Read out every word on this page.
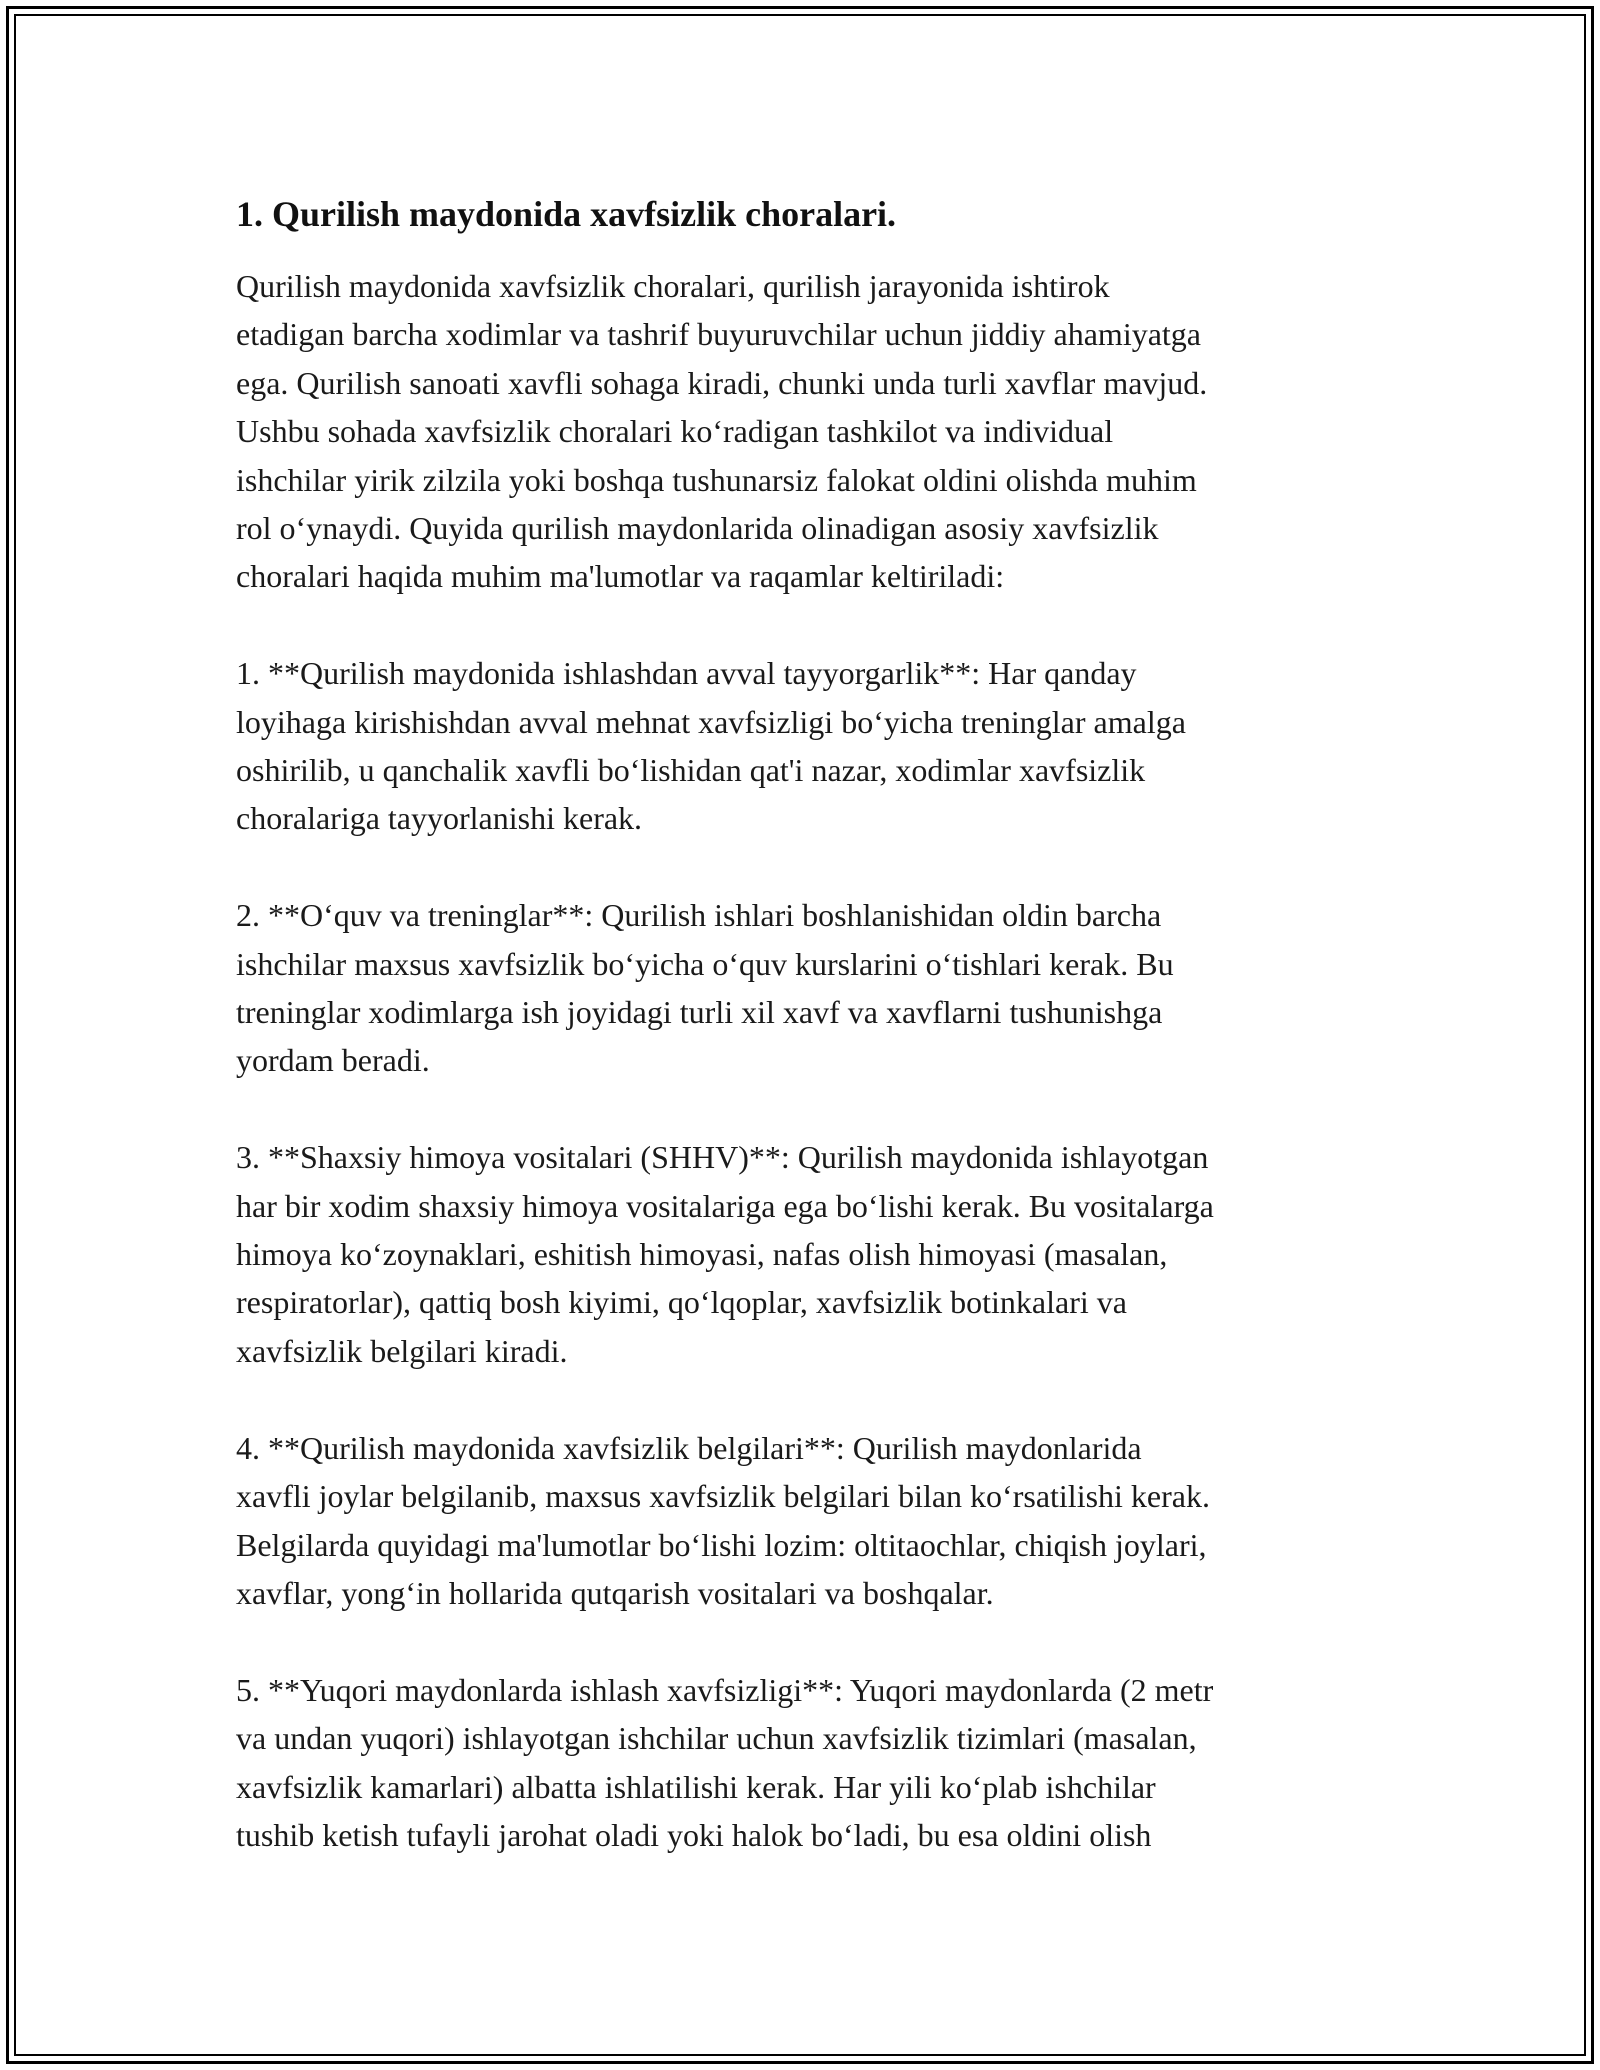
1. Qurilish maydonida xavfsizlik choralari.

Qurilish maydonida xavfsizlik choralari, qurilish jarayonida ishtirok
etadigan barcha xodimlar va tashrif buyuruvchilar uchun jiddiy ahamiyatga
ega. Qurilish sanoati xavfli sohaga kiradi, chunki unda turli xavflar mavjud.
Ushbu sohada xavfsizlik choralari ko‘radigan tashkilot va individual
ishchilar yirik zilzila yoki boshqa tushunarsiz falokat oldini olishda muhim
rol o‘ynaydi. Quyida qurilish maydonlarida olinadigan asosiy xavfsizlik
choralari haqida muhim ma'lumotlar va raqamlar keltiriladi:

1. **Qurilish maydonida ishlashdan avval tayyorgarlik**: Har qanday
loyihaga kirishishdan avval mehnat xavfsizligi bo‘yicha treninglar amalga
oshirilib, u qanchalik xavfli bo‘lishidan qat'i nazar, xodimlar xavfsizlik
choralariga tayyorlanishi kerak.

2. **O‘quv va treninglar**: Qurilish ishlari boshlanishidan oldin barcha
ishchilar maxsus xavfsizlik bo‘yicha o‘quv kurslarini o‘tishlari kerak. Bu
treninglar xodimlarga ish joyidagi turli xil xavf va xavflarni tushunishga
yordam beradi.

3. **Shaxsiy himoya vositalari (SHHV)**: Qurilish maydonida ishlayotgan
har bir xodim shaxsiy himoya vositalariga ega bo‘lishi kerak. Bu vositalarga
himoya ko‘zoynaklari, eshitish himoyasi, nafas olish himoyasi (masalan,
respiratorlar), qattiq bosh kiyimi, qo‘lqoplar, xavfsizlik botinkalari va
xavfsizlik belgilari kiradi.

4. **Qurilish maydonida xavfsizlik belgilari**: Qurilish maydonlarida
xavfli joylar belgilanib, maxsus xavfsizlik belgilari bilan ko‘rsatilishi kerak.
Belgilarda quyidagi ma'lumotlar bo‘lishi lozim: oltitaochlar, chiqish joylari,
xavflar, yong‘in hollarida qutqarish vositalari va boshqalar.

5. **Yuqori maydonlarda ishlash xavfsizligi**: Yuqori maydonlarda (2 metr
va undan yuqori) ishlayotgan ishchilar uchun xavfsizlik tizimlari (masalan,
xavfsizlik kamarlari) albatta ishlatilishi kerak. Har yili ko‘plab ishchilar
tushib ketish tufayli jarohat oladi yoki halok bo‘ladi, bu esa oldini olish
